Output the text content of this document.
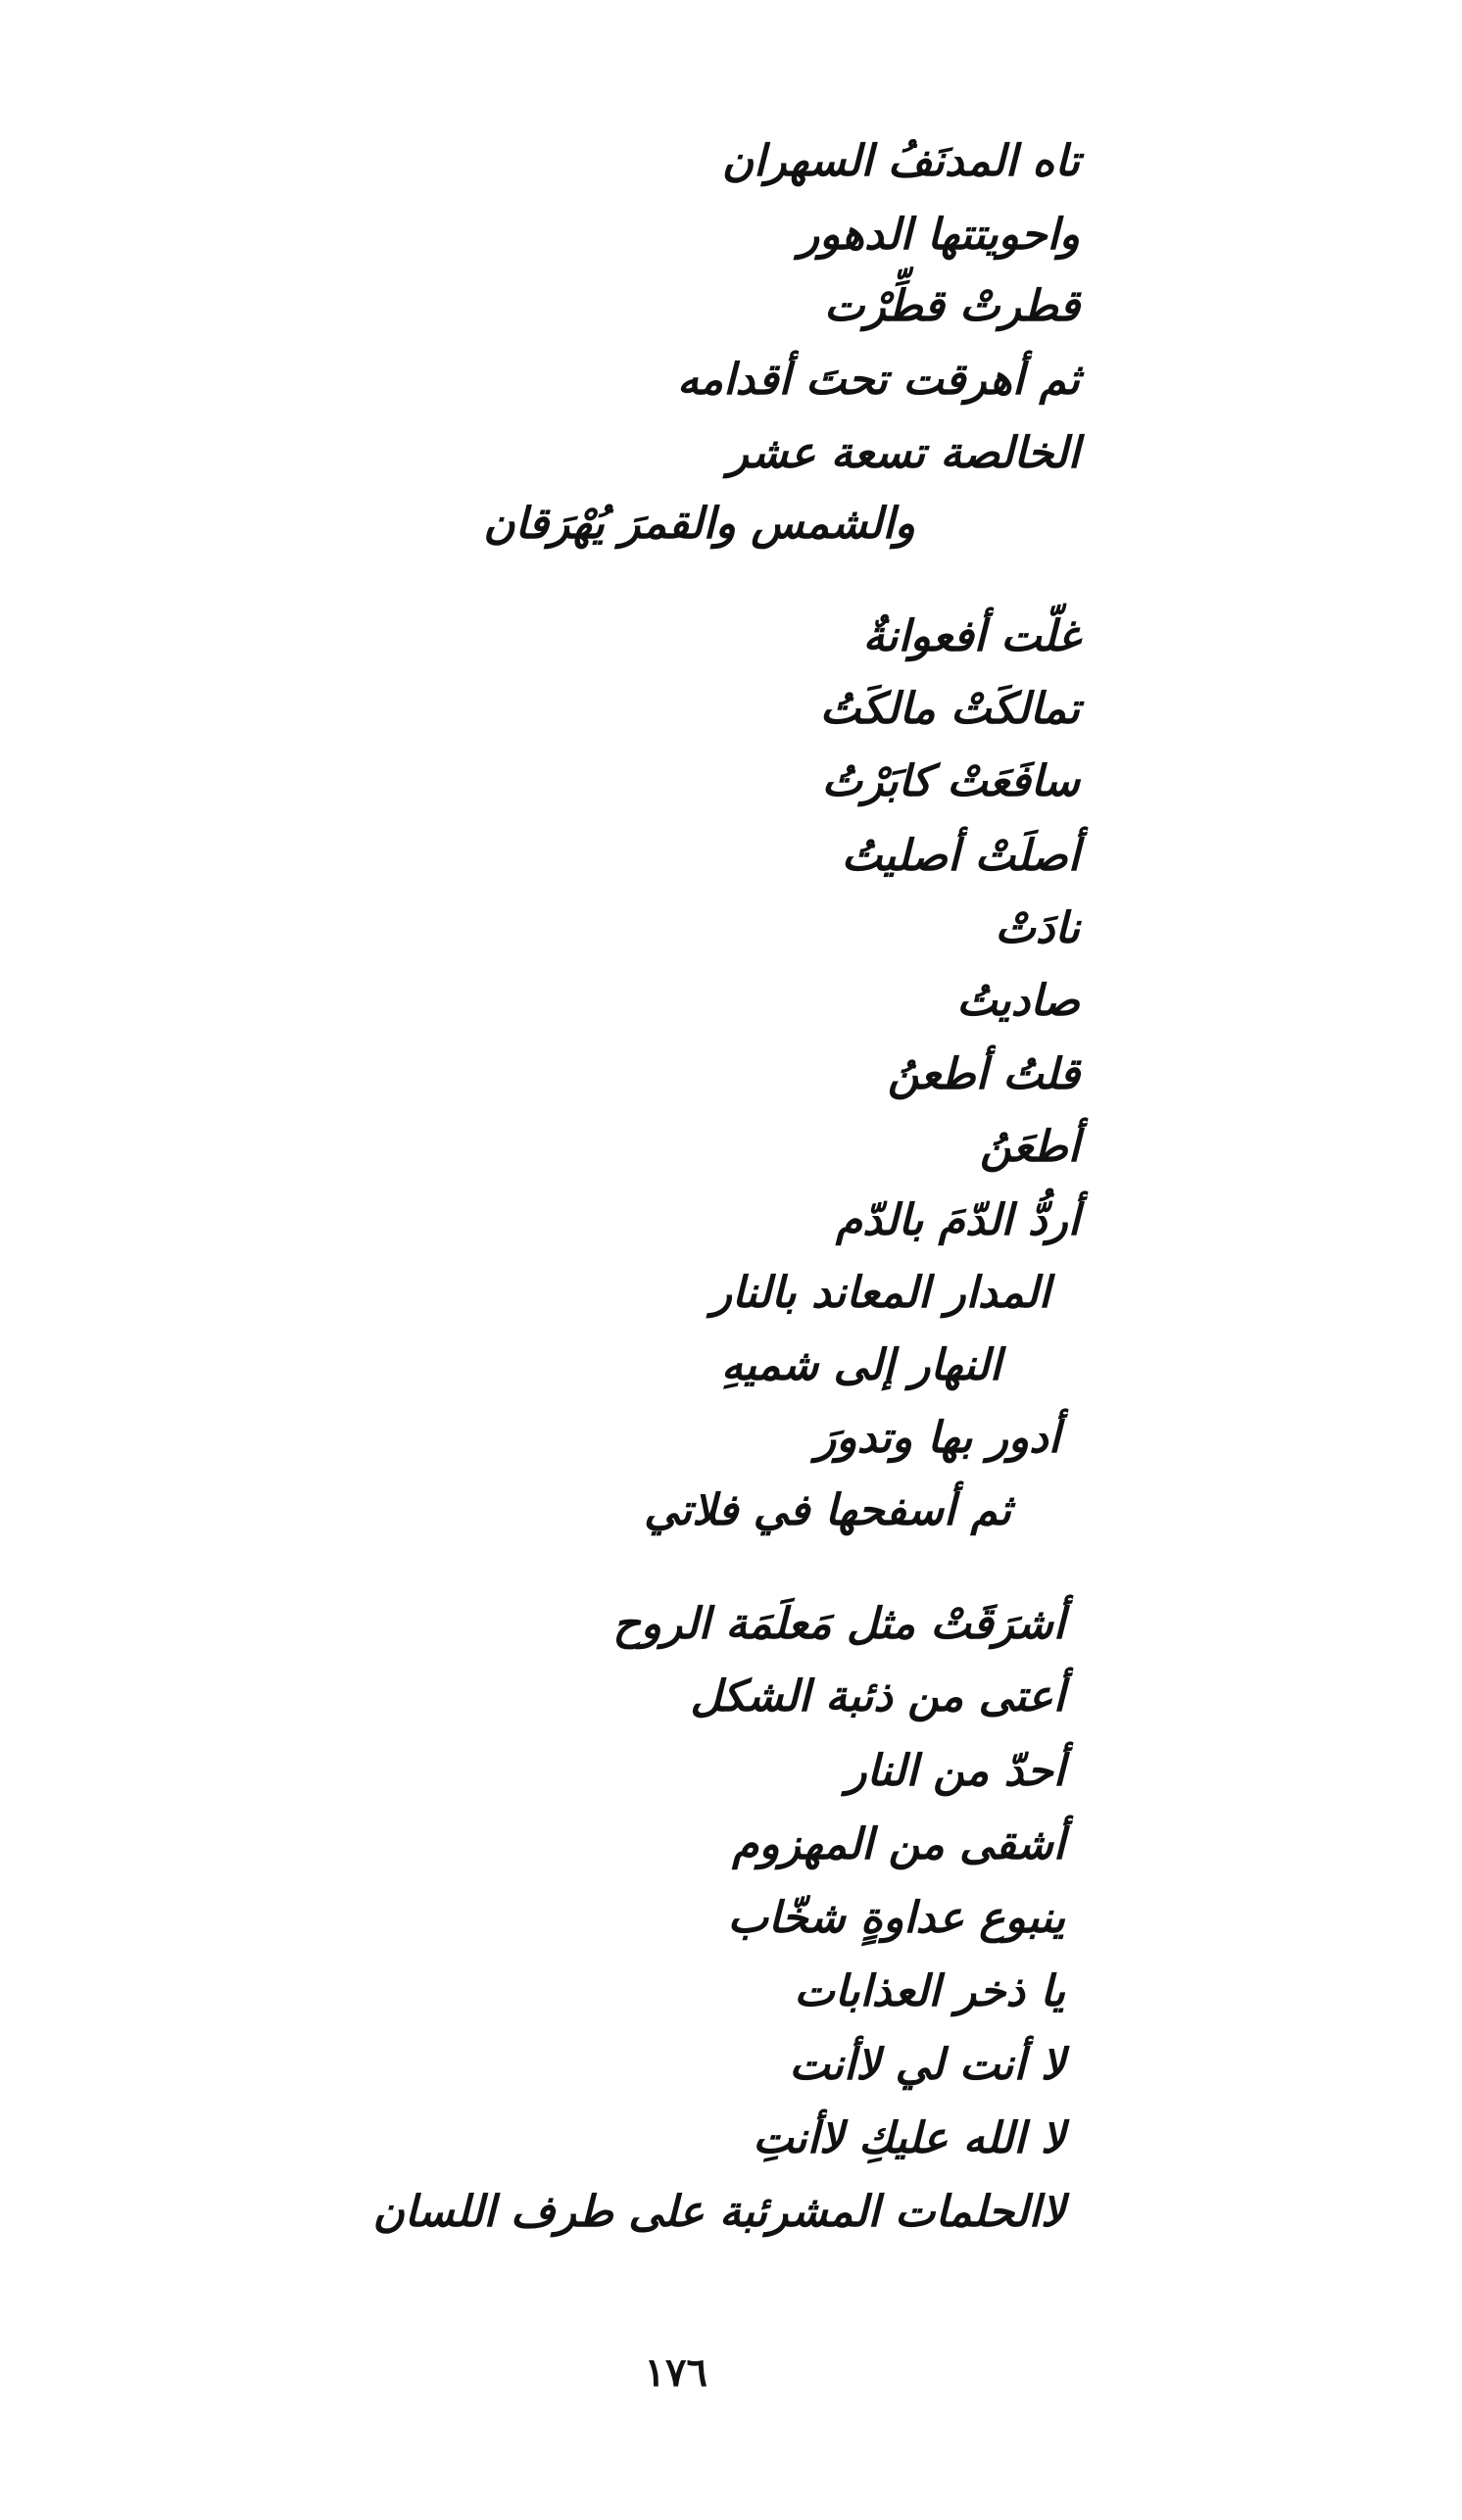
تاه المدنَفُ السهران
واحويتتها الدهور
قطرتْ قطِّرْت
ثم أهرقت تحتَ أقدامه
الخالصة تسعة عشر
والشمس والقمرَ يُهْرَقان
غلّت أفعوانةٌ
تمالكَتْ مالكَتُ
سافَعَتْ كابَرْتُ
أصلَتْ أصليتُ
نادَتْ
صاديتُ
قلتُ أطعنُ
أطعَنُ
أردُّ الدّمَ بالدّم
المدار المعاند بالنار
النهار إلى شميهِ
أدور بها وتدورَ
ثم أسفحها في فلاتي
أشرَقَتْ مثل مَعلَمَة الروح
أعتى من ذئبة الشكل
أحدّ من النار
أشقى من المهزوم
ينبوع عداوةٍ شخّاب
يا ذخر العذابات
لا أنت لي لاأنت
لا الله عليكِ لاأنتِ
لاالحلمات المشرئبة على طرف اللسان
١٧٦
